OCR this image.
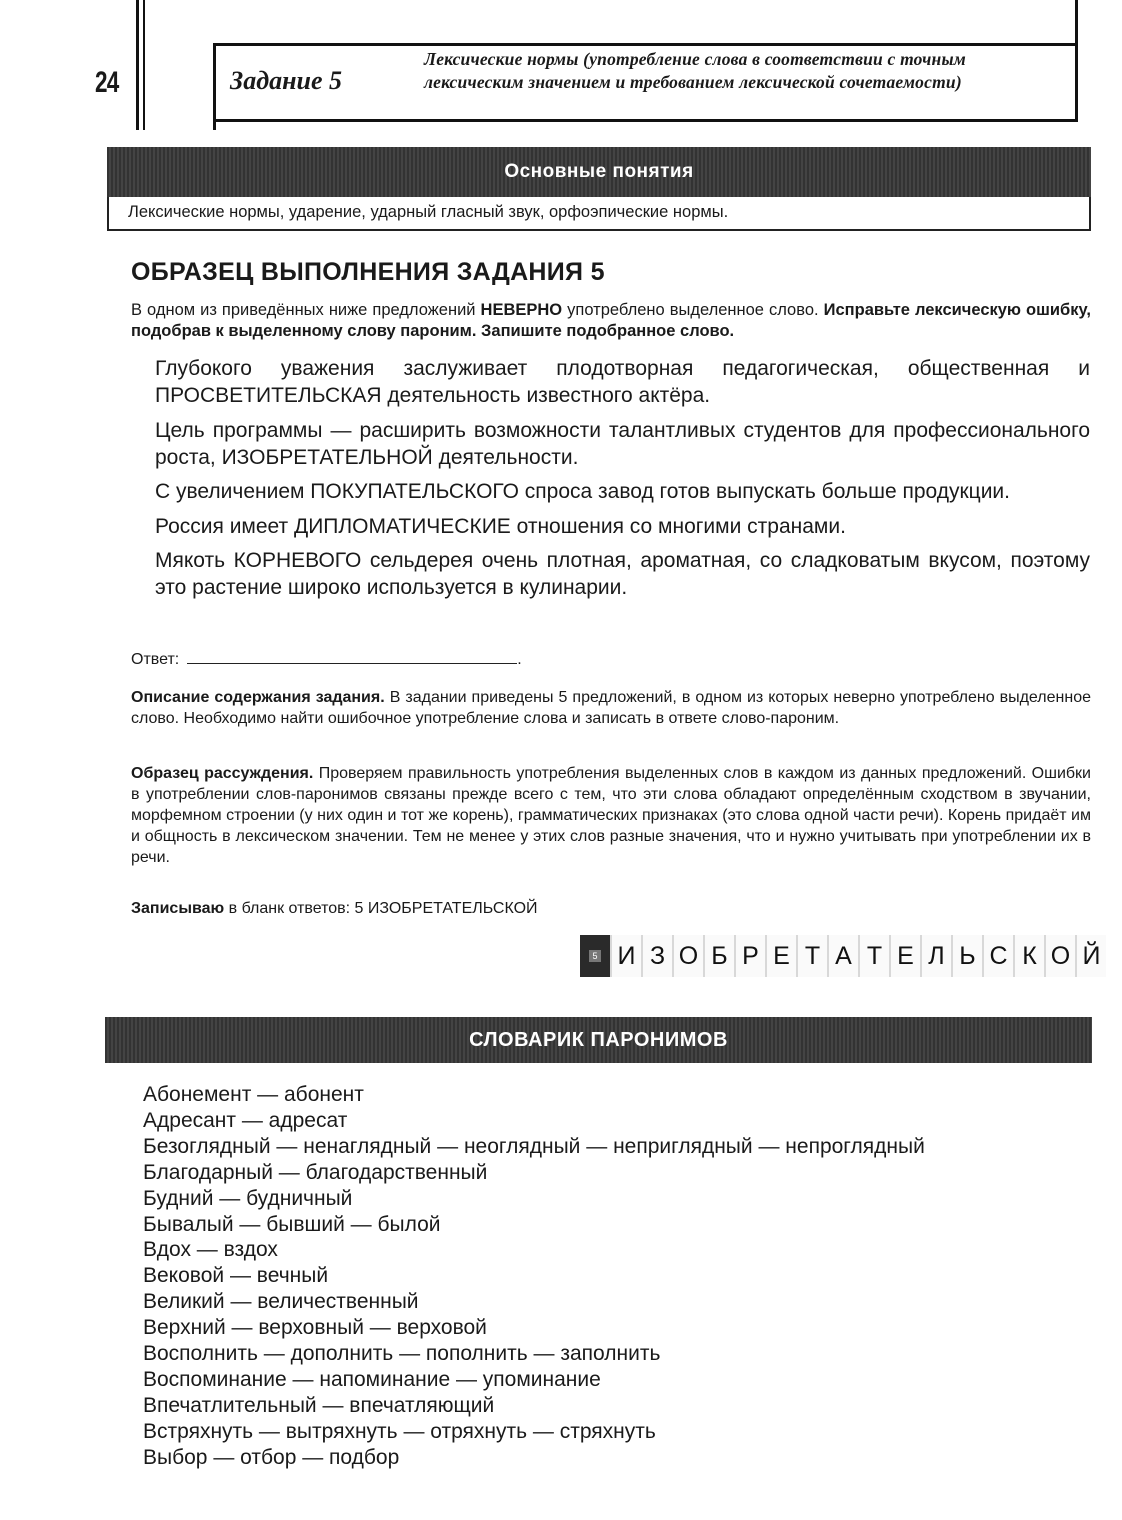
24	Задание 5
Лексические нормы (употребление слова в соответствии с точным лексическим значением и требованием лексической сочетаемости)
Основные понятия
Лексические нормы, ударение, ударный гласный звук, орфоэпические нормы.
ОБРАЗЕЦ ВЫПОЛНЕНИЯ ЗАДАНИЯ 5
В одном из приведённых ниже предложений НЕВЕРНО употреблено выделенное слово. Исправьте лексическую ошибку, подобрав к выделенному слову пароним. Запишите подобранное слово.

Глубокого уважения заслуживает плодотворная педагогическая, общественная и ПРОСВЕТИТЕЛЬСКАЯ деятельность известного актёра.

Цель программы — расширить возможности талантливых студентов для профессионального роста, ИЗОБРЕТАТЕЛЬНОЙ деятельности.

С увеличением ПОКУПАТЕЛЬСКОГО спроса завод готов выпускать больше продукции.

Россия имеет ДИПЛОМАТИЧЕСКИЕ отношения со многими странами.

Мякоть КОРНЕВОГО сельдерея очень плотная, ароматная, со сладковатым вкусом, поэтому это растение широко используется в кулинарии.

Ответ:	.
Описание содержания задания. В задании приведены 5 предложений, в одном из которых неверно употреблено выделенное слово. Необходимо найти ошибочное употребление слова и записать в ответе слово-пароним.
Образец рассуждения. Проверяем правильность употребления выделенных слов в каждом из данных предложений. Ошибки в употреблении слов-паронимов связаны прежде всего с тем, что эти слова обладают определённым сходством в звучании, морфемном строении (у них один и тот же корень), грамматических признаках (это слова одной части речи). Корень придаёт им и общность в лексическом значении. Тем не менее у этих слов разные значения, что и нужно учитывать при употреблении их в речи.
Записываю в бланк ответов: 5 ИЗОБРЕТАТЕЛЬСКОЙ
5 И З О Б Р Е Т А Т Е Л Ь С К О Й
СЛОВАРИК ПАРОНИМОВ
Абонемент — абонент
Адресант — адресат
Безоглядный — ненаглядный — неоглядный — неприглядный — непроглядный
Благодарный — благодарственный
Будний — будничный
Бывалый — бывший — былой
Вдох — вздох
Вековой — вечный
Великий — величественный
Верхний — верховный — верховой
Восполнить — дополнить — пополнить — заполнить
Воспоминание — напоминание — упоминание
Впечатлительный — впечатляющий
Встряхнуть — вытряхнуть — отряхнуть — стряхнуть
Выбор — отбор — подбор
